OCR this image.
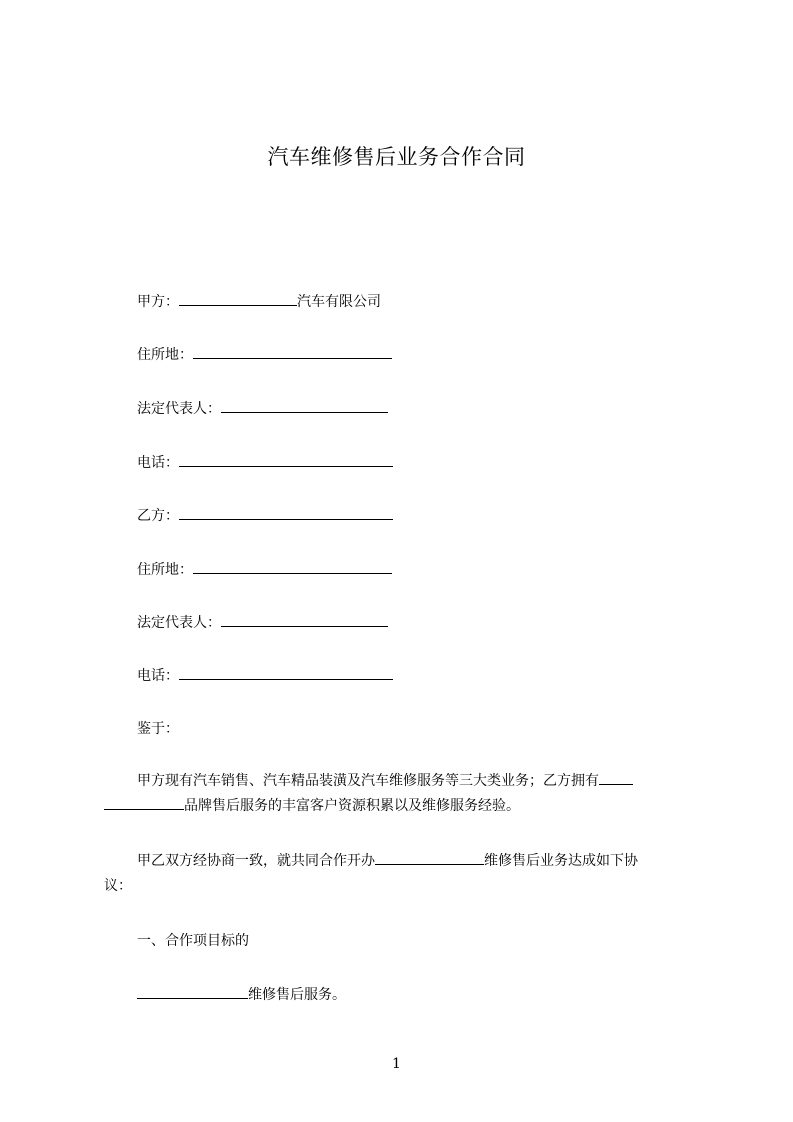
汽车维修售后业务合作合同
甲方：	汽车有限公司
住所地：
法定代表人：
电话：
乙方：
住所地：
法定代表人：
电话：
鉴于：
甲方现有汽车销售、汽车精品装潢及汽车维修服务等三大类业务；乙方拥有
品牌售后服务的丰富客户资源积累以及维修服务经验。
甲乙双方经协商一致，就共同合作开办	维修售后业务达成如下协
议：
一、合作项目标的
维修售后服务。
1
